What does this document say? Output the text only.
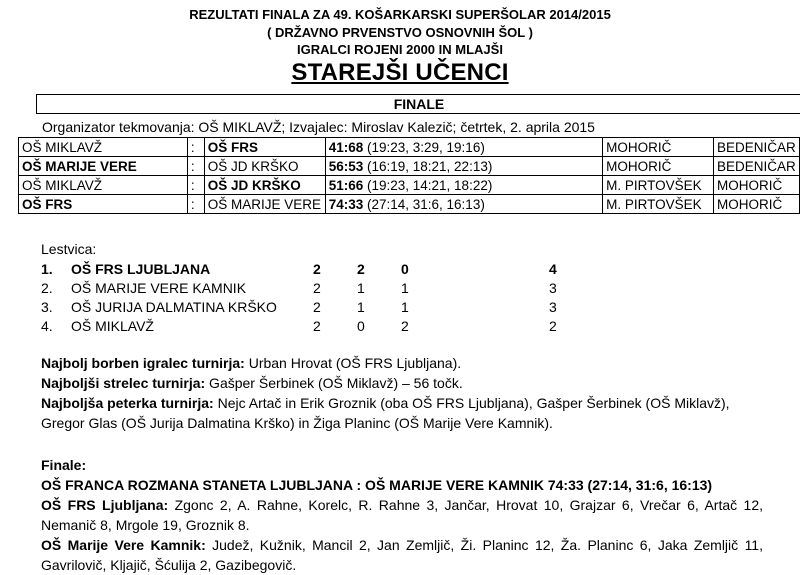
REZULTATI FINALA ZA 49. KOŠARKARSKI SUPERŠOLAR 2014/2015
( DRŽAVNO PRVENSTVO OSNOVNIH ŠOL )
IGRALCI ROJENI 2000 IN MLAJŠI
STAREJŠI UČENCI
FINALE
Organizator tekmovanja: OŠ MIKLAVŽ; Izvajalec: Miroslav Kalezič; četrtek, 2. aprila 2015
OŠ MIKLAVŽ	:	OŠ FRS	41:68 (19:23, 3:29, 19:16)	MOHORIČ	BEDENIČAR
OŠ MARIJE VERE	:	OŠ JD KRŠKO	56:53 (16:19, 18:21, 22:13)	MOHORIČ	BEDENIČAR
OŠ MIKLAVŽ	:	OŠ JD KRŠKO	51:66 (19:23, 14:21, 18:22)	M. PIRTOVŠEK	MOHORIČ
OŠ FRS	:	OŠ MARIJE VERE	74:33 (27:14, 31:6, 16:13)	M. PIRTOVŠEK	MOHORIČ
Lestvica:
1.	OŠ FRS LJUBLJANA	2	2	0	4
2.	OŠ MARIJE VERE KAMNIK	2	1	1	3
3.	OŠ JURIJA DALMATINA KRŠKO	2	1	1	3
4.	OŠ MIKLAVŽ	2	0	2	2

Najbolj borben igralec turnirja: Urban Hrovat (OŠ FRS Ljubljana).

Najboljši strelec turnirja: Gašper Šerbinek (OŠ Miklavž) – 56 točk.

Najboljša peterka turnirja: Nejc Artač in Erik Groznik (oba OŠ FRS Ljubljana), Gašper Šerbinek (OŠ Miklavž), Gregor Glas (OŠ Jurija Dalmatina Krško) in Žiga Planinc (OŠ Marije Vere Kamnik).

Finale:

OŠ FRANCA ROZMANA STANETA LJUBLJANA : OŠ MARIJE VERE KAMNIK 74:33 (27:14, 31:6, 16:13)

OŠ FRS Ljubljana: Zgonc 2, A. Rahne, Korelc, R. Rahne 3, Jančar, Hrovat 10, Grajzar 6, Vrečar 6, Artač 12, Nemanič 8, Mrgole 19, Groznik 8.

OŠ Marije Vere Kamnik: Judež, Kužnik, Mancil 2, Jan Zemljič, Ži. Planinc 12, Ža. Planinc 6, Jaka Zemljič 11, Gavrilovič, Kljajič, Šćulija 2, Gazibegovič.
